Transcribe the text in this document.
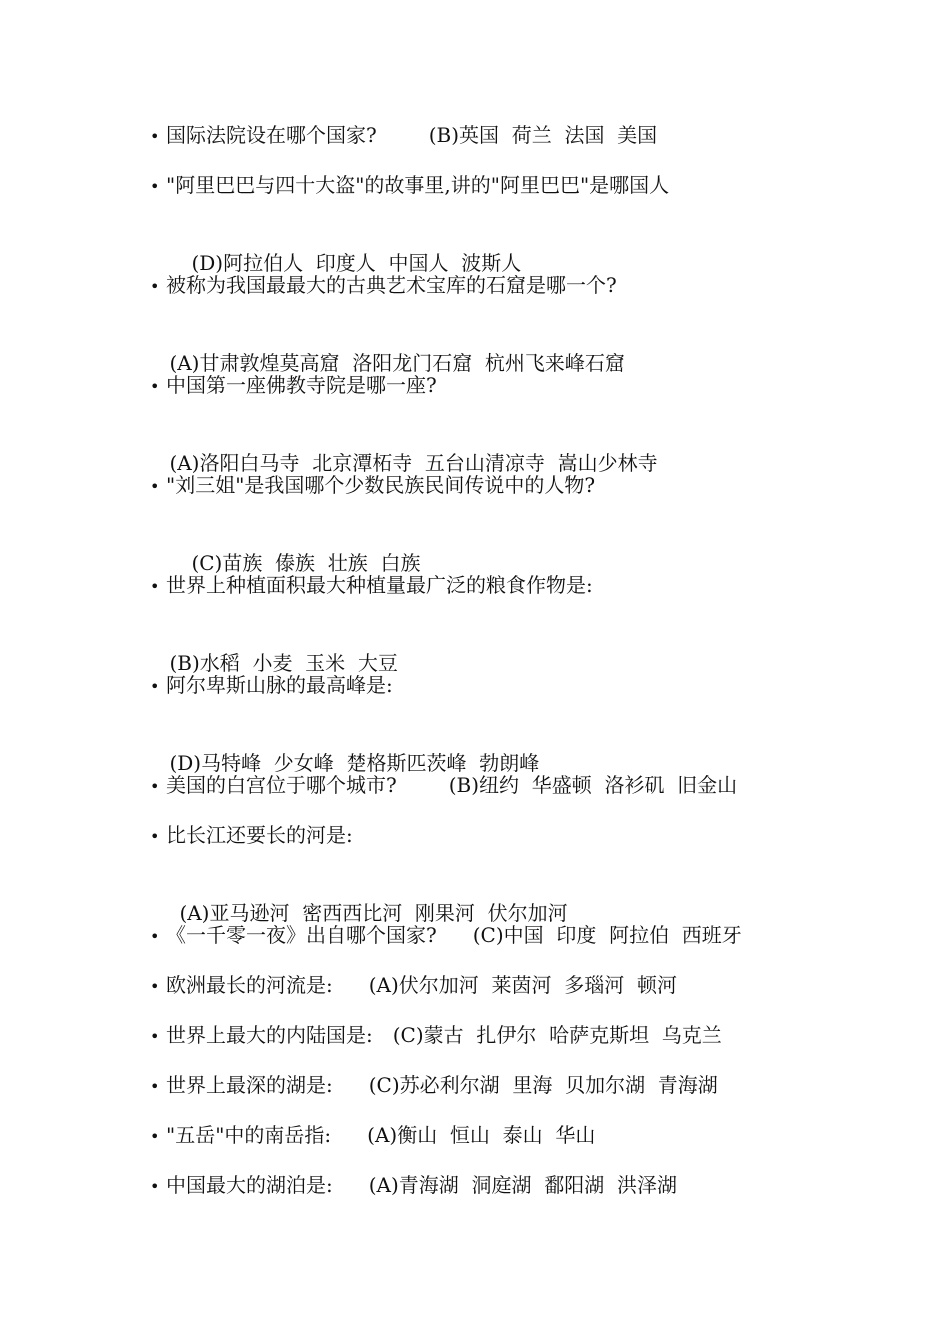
• 国际法院设在哪个国家?	(B)英国  荷兰  法国  美国
• "阿里巴巴与四十大盗"的故事里,讲的"阿里巴巴"是哪国人

(D)阿拉伯人  印度人  中国人  波斯人

• 被称为我国最最大的古典艺术宝库的石窟是哪一个?

(A)甘肃敦煌莫高窟  洛阳龙门石窟  杭州飞来峰石窟

• 中国第一座佛教寺院是哪一座?

(A)洛阳白马寺  北京潭柘寺  五台山清凉寺  嵩山少林寺

• "刘三姐"是我国哪个少数民族民间传说中的人物?

(C)苗族  傣族  壮族  白族

• 世界上种植面积最大种植量最广泛的粮食作物是:

(B)水稻  小麦  玉米  大豆

• 阿尔卑斯山脉的最高峰是:

(D)马特峰  少女峰  楚格斯匹茨峰  勃朗峰

• 美国的白宫位于哪个城市?	(B)纽约  华盛顿  洛衫矶  旧金山
• 比长江还要长的河是:

(A)亚马逊河  密西西比河  刚果河  伏尔加河

• 《一千零一夜》出自哪个国家? (C)中国  印度  阿拉伯  西班牙
• 欧洲最长的河流是: (A)伏尔加河  莱茵河  多瑙河  顿河
• 世界上最大的内陆国是: (C)蒙古  扎伊尔  哈萨克斯坦  乌克兰
• 世界上最深的湖是: (C)苏必利尔湖  里海  贝加尔湖  青海湖
• "五岳"中的南岳指: (A)衡山  恒山  泰山  华山
• 中国最大的湖泊是: (A)青海湖  洞庭湖  鄱阳湖  洪泽湖
